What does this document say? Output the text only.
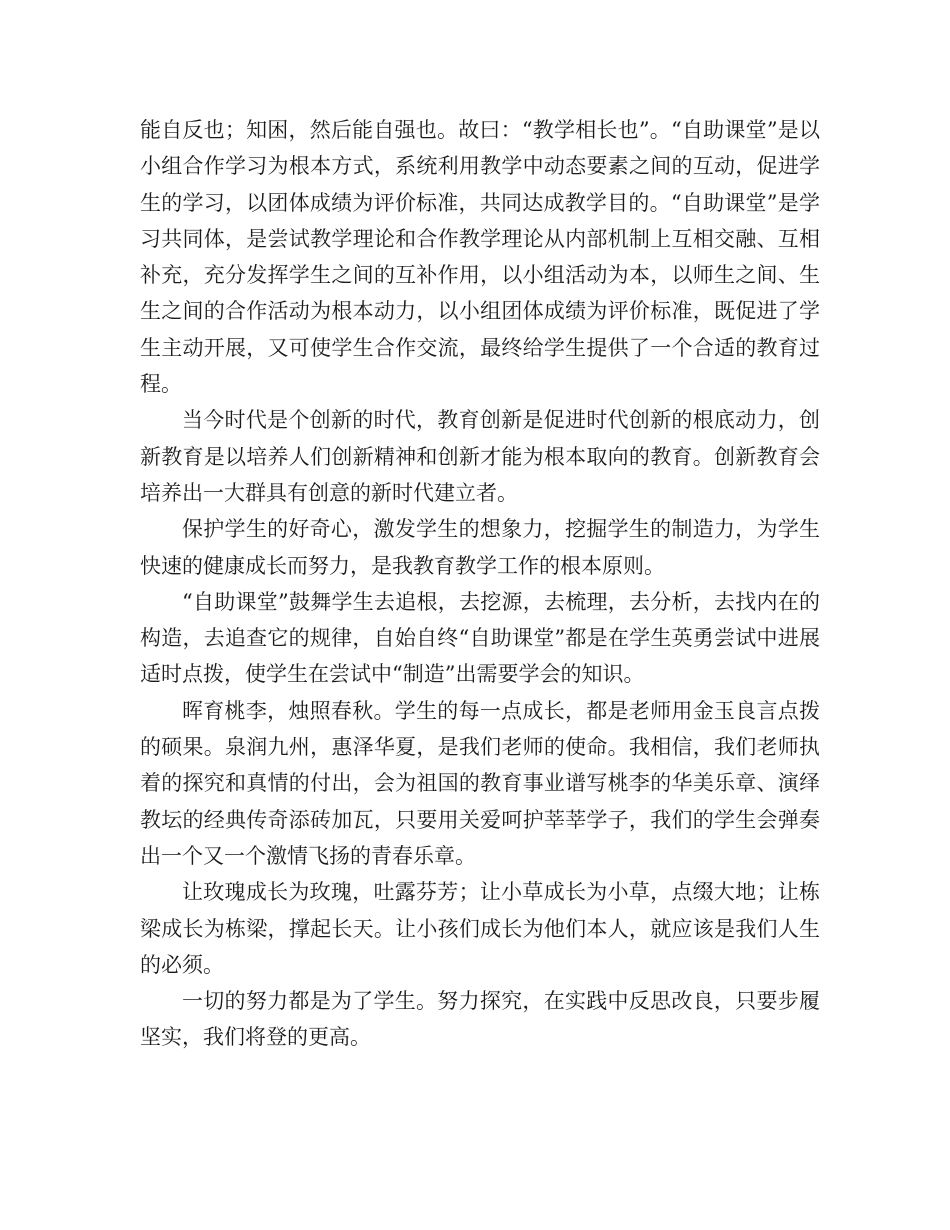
能自反也；知困，然后能自强也。故曰：“教学相长也”。“自助课堂”是以小组合作学习为根本方式，系统利用教学中动态要素之间的互动，促进学生的学习，以团体成绩为评价标准，共同达成教学目的。“自助课堂”是学习共同体，是尝试教学理论和合作教学理论从内部机制上互相交融、互相补充，充分发挥学生之间的互补作用，以小组活动为本，以师生之间、生生之间的合作活动为根本动力，以小组团体成绩为评价标准，既促进了学生主动开展，又可使学生合作交流，最终给学生提供了一个合适的教育过程。

当今时代是个创新的时代，教育创新是促进时代创新的根底动力，创新教育是以培养人们创新精神和创新才能为根本取向的教育。创新教育会培养出一大群具有创意的新时代建立者。

保护学生的好奇心，激发学生的想象力，挖掘学生的制造力，为学生快速的健康成长而努力，是我教育教学工作的根本原则。

“自助课堂”鼓舞学生去追根，去挖源，去梳理，去分析，去找内在的构造，去追查它的规律，自始自终“自助课堂”都是在学生英勇尝试中进展适时点拨，使学生在尝试中“制造”出需要学会的知识。

晖育桃李，烛照春秋。学生的每一点成长，都是老师用金玉良言点拨的硕果。泉润九州，惠泽华夏，是我们老师的使命。我相信，我们老师执着的探究和真情的付出，会为祖国的教育事业谱写桃李的华美乐章、演绎教坛的经典传奇添砖加瓦，只要用关爱呵护莘莘学子，我们的学生会弹奏出一个又一个激情飞扬的青春乐章。

让玫瑰成长为玫瑰，吐露芬芳；让小草成长为小草，点缀大地；让栋梁成长为栋梁，撑起长天。让小孩们成长为他们本人，就应该是我们人生的必须。

一切的努力都是为了学生。努力探究，在实践中反思改良，只要步履坚实，我们将登的更高。
